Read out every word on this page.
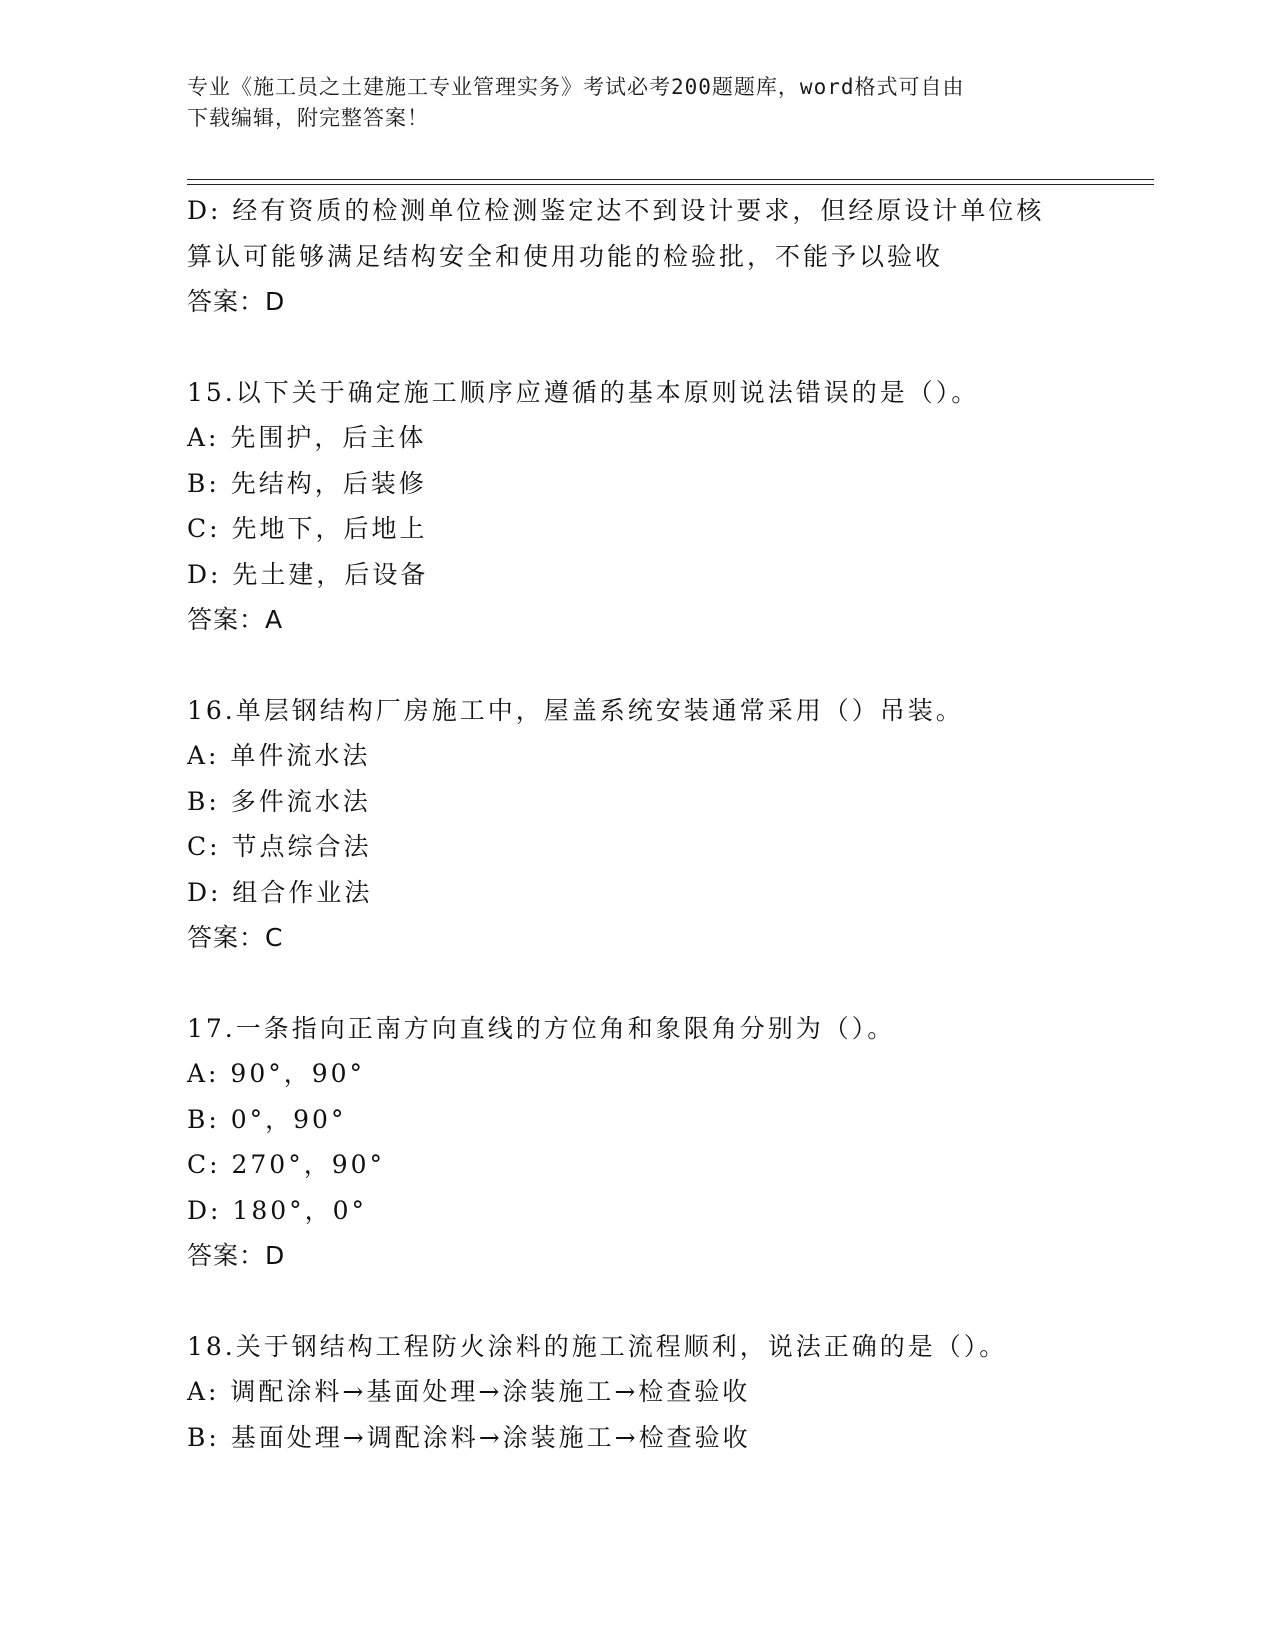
专业《施工员之土建施工专业管理实务》考试必考200题题库，word格式可自由
下载编辑，附完整答案！
D: 经有资质的检测单位检测鉴定达不到设计要求，但经原设计单位核
算认可能够满足结构安全和使用功能的检验批，不能予以验收
答案：D
15.以下关于确定施工顺序应遵循的基本原则说法错误的是（）。
A: 先围护，后主体
B: 先结构，后装修
C: 先地下，后地上
D: 先土建，后设备
答案：A
16.单层钢结构厂房施工中，屋盖系统安装通常采用（）吊装。
A: 单件流水法
B: 多件流水法
C: 节点综合法
D: 组合作业法
答案：C
17.一条指向正南方向直线的方位角和象限角分别为（）。
A: 90°，90°
B: 0°，90°
C: 270°，90°
D: 180°，0°
答案：D
18.关于钢结构工程防火涂料的施工流程顺利，说法正确的是（）。
A: 调配涂料→基面处理→涂装施工→检查验收
B: 基面处理→调配涂料→涂装施工→检查验收
